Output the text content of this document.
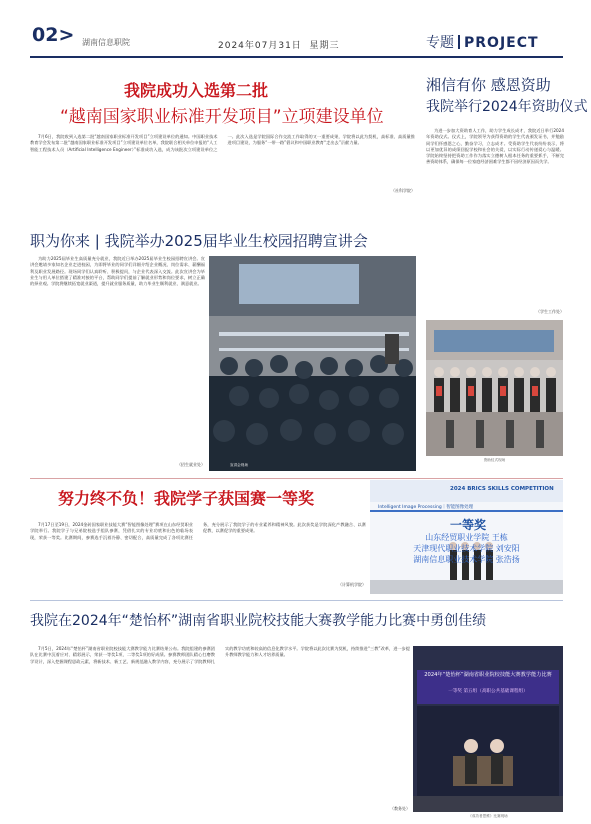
02> 湖南信息职院	2024年07月31日 星期三	专题 PROJECT
我院成功入选第二批
“越南国家职业标准开发项目”立项建设单位

7月6日，我院收到入选第二批“越南国家职业标准开发项目”立项建设单位的通知。中国职业技术教育学会发布第二批“越南国家职业标准开发项目”立项建设单位名单，我院联合相关单位申报的“人工智能工程技术人员（Artificial Intelligence Engineer）”标准成功入选，成为该批次立项建设单位之一。此次入选是学院国际合作交流工作取得的又一重要成果，学院将以此为契机，高标准、高质量推进项目建设，为服务“一带一路”倡议和中国职业教育“走出去”贡献力量。

（社科学院）
湘信有你 感恩资助
我院举行2024年资助仪式

为进一步加大资助育人工作，助力学生成长成才，我院近日举行2024年资助仪式。仪式上，学院领导为获得资助的学生代表颁发证书，并勉励同学们怀感恩之心，勤奋学习，立志成才。受资助学生代表纷纷表示，将以更加优异的成绩回报学校和社会的关爱，以实际行动传递爱心与温暖。学院始终坚持把资助工作作为落实立德树人根本任务的重要抓手，不断完善资助体系，确保每一位家庭经济困难学生都不因经济原因而失学。

（学生工作处）
资助仪式现场
职为你来 | 我院举办2025届毕业生校园招聘宣讲会

为助力2025届毕业生高质量充分就业，我院近日举办2025届毕业生校园招聘宣讲会。宣讲会邀请多家知名企业走进校园，为即将毕业的同学们详细介绍企业概况、岗位需求、薪酬福利及职业发展路径。现场同学们认真聆听、积极提问，与企业代表深入交流。此次宣讲会为毕业生与用人单位搭建了精准对接的平台，帮助同学们提前了解就业形势和岗位要求，树立正确的择业观。学院将继续拓宽就业渠道，提升就业服务质量，助力毕业生顺利就业、满意就业。

（招生就业处）	宣讲会现场
努力终不负！我院学子获国赛一等奖

7月17日至19日，2024金砖国家职业技能大赛“智能图像处理”赛项在山东经贸职业学院举行。我院学子与兄弟院校选手组队参赛，凭借扎实的专业功底和出色的临场表现，荣获一等奖。比赛期间，参赛选手沉着冷静、密切配合，高质量完成了各项比赛任务，充分展示了我院学子的专业素养和精神风貌。此次获奖是学院深化产教融合、以赛促教、以赛促学的重要成果。

（计算机学院）
2024 BRICS SKILLS COMPETITION
Intelligent Image Processing｜智能图像处理
一等奖
山东经贸职业学院 王栋
天津现代职业技术学院 刘安阳
湖南信息职业技术学院 张浩扬
我院在2024年“楚怡杯”湖南省职业院校技能大赛教学能力比赛中勇创佳绩

7月5日，2024年“楚怡杯”湖南省职业院校技能大赛教学能力比赛结果公布。我院组建的参赛团队在比赛中沉着应对、精彩展示，荣获一等奖1项、二等奖1项的好成绩。参赛教师团队精心打磨教学设计，深入挖掘课程思政元素，将新技术、新工艺、新规范融入教学内容，充分展示了学院教师扎实的教学功底和较高的信息化教学水平。学院将以此次比赛为契机，持续推进“三教”改革，进一步提升教师教学能力和人才培养质量。

（教务处）
2024年“楚怡杯”湖南省职业院校技能大赛教学能力比赛
一等奖 第五组（高职公共基础课程组）
《成功者思维》比赛现场
